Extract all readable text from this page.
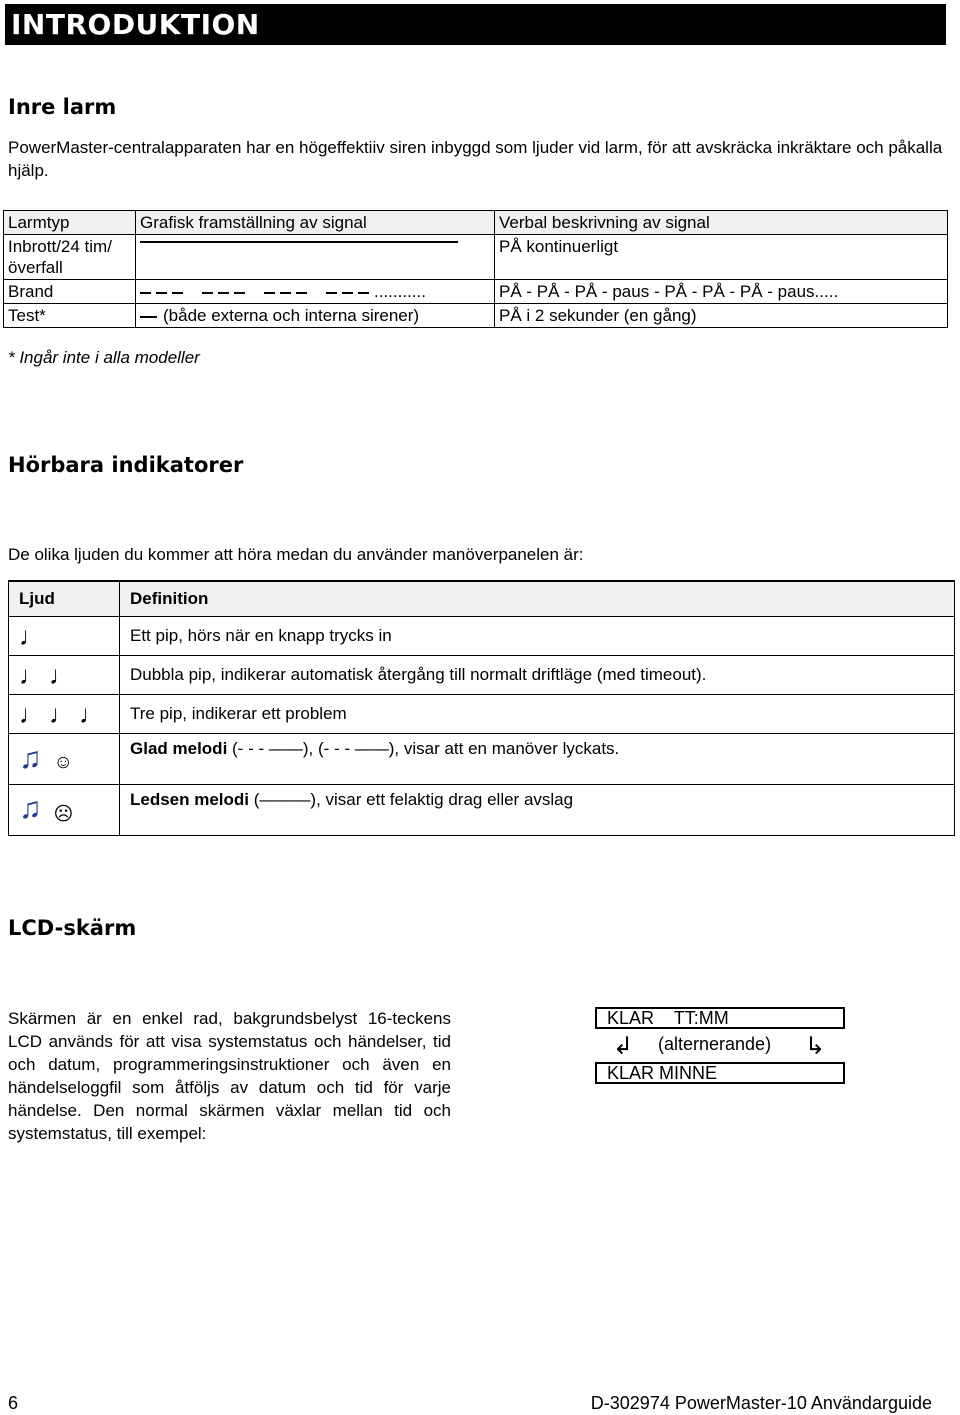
INTRODUKTION
Inre larm
PowerMaster-centralapparaten har en högeffektiiv siren inbyggd som ljuder vid larm, för att avskräcka inkräktare och påkalla hjälp.
Larmtyp	Grafisk framställning av signal	Verbal beskrivning av signal
Inbrott/24 tim/överfall		PÅ kontinuerligt
Brand	...........	PÅ - PÅ - PÅ - paus - PÅ - PÅ - PÅ - paus.....
Test*	(både externa och interna sirener)	PÅ i 2 sekunder (en gång)
* Ingår inte i alla modeller
Hörbara indikatorer
De olika ljuden du kommer att höra medan du använder manöverpanelen är:
Ljud	Definition
♩	Ett pip, hörs när en knapp trycks in
♩♩	Dubbla pip, indikerar automatisk återgång till normalt driftläge (med timeout).
♩♩♩	Tre pip, indikerar ett problem
♫ ☺	Glad melodi (- - - ——), (- - - ——), visar att en manöver lyckats.
♫ ☹	Ledsen melodi (———), visar ett felaktig drag eller avslag
LCD-skärm
Skärmen är en enkel rad, bakgrundsbelyst 16-teckens LCD används för att visa systemstatus och händelser, tid och datum, programmeringsinstruktioner och även en händelseloggfil som åtföljs av datum och tid för varje händelse. Den normal skärmen växlar mellan tid och systemstatus, till exempel:
KLAR    TT:MM
↲ (alternerande) ↳
KLAR MINNE
6	D-302974 PowerMaster-10 Användarguide
